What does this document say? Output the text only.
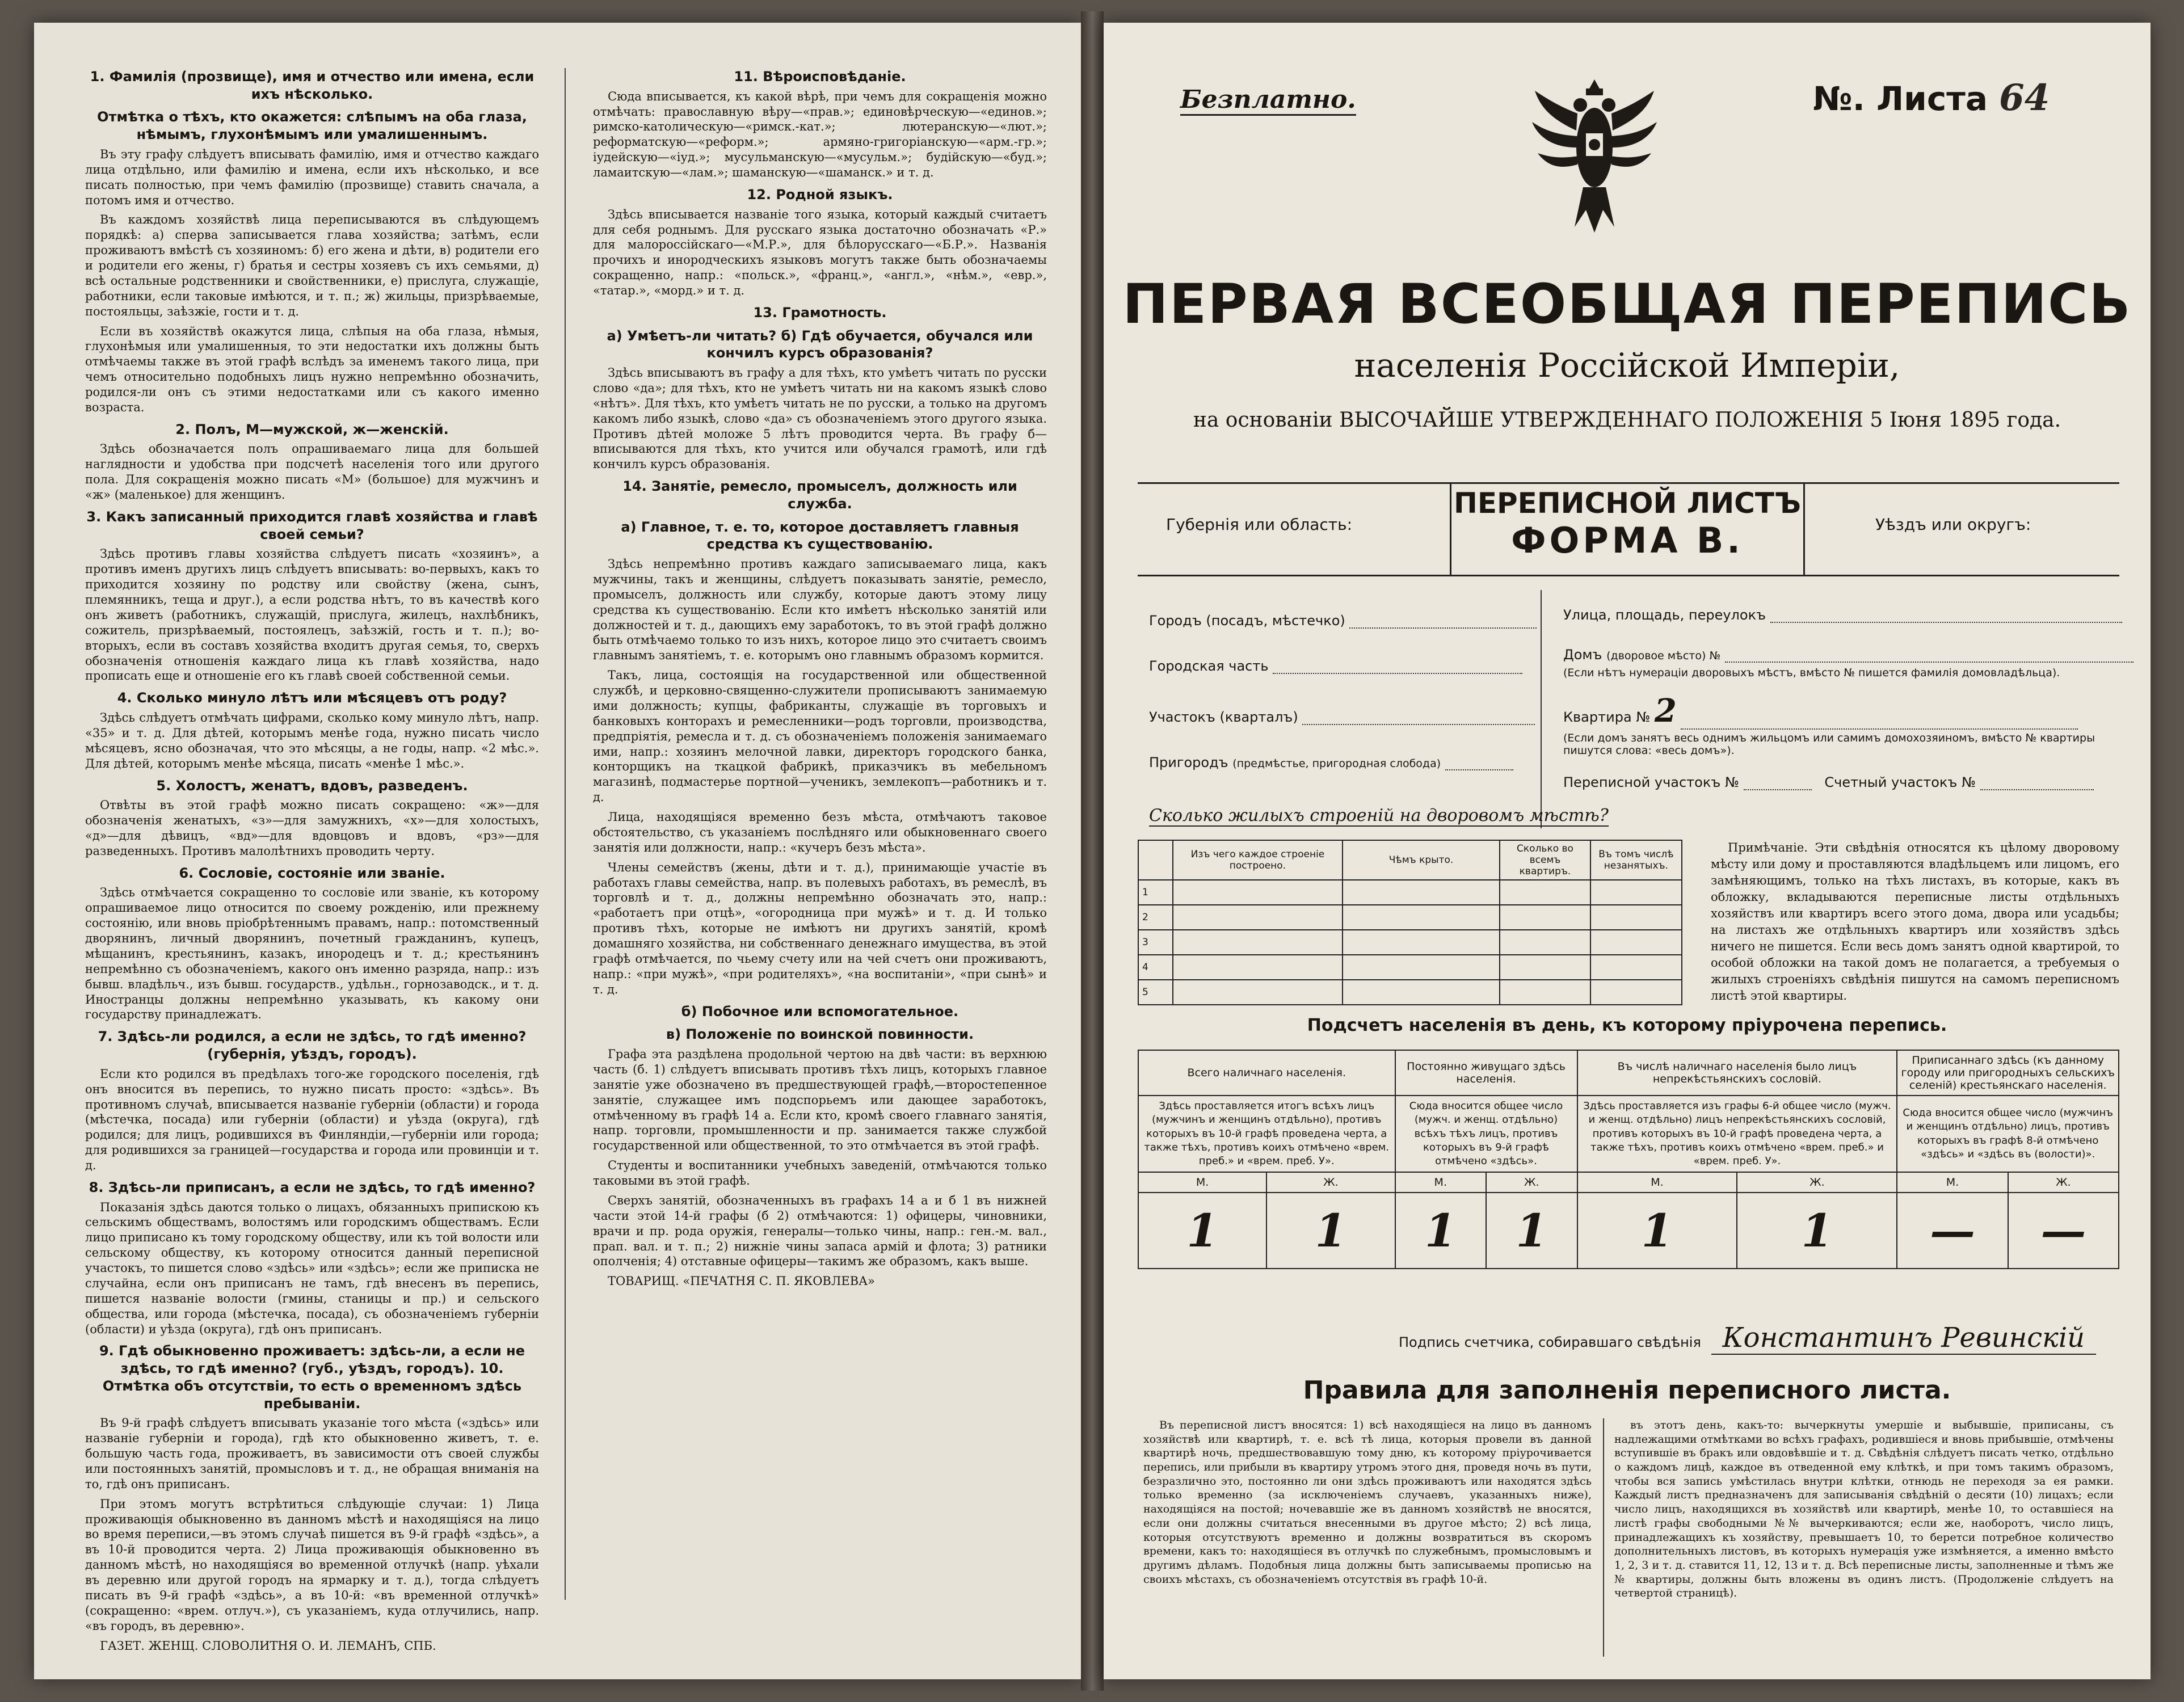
1. Фамилія (прозвище), имя и отчество или имена, если ихъ нѣсколько.
Отмѣтка о тѣхъ, кто окажется: слѣпымъ на оба глаза, нѣмымъ, глухонѣмымъ или умалишеннымъ.

Въ эту графу слѣдуетъ вписывать фамилію, имя и отчество каждаго лица отдѣльно, или фамилію и имена, если ихъ нѣсколько, и все писать полностью, при чемъ фамилію (прозвище) ставить сначала, а потомъ имя и отчество.

Въ каждомъ хозяйствѣ лица переписываются въ слѣдующемъ порядкѣ: а) сперва записывается глава хозяйства; затѣмъ, если проживаютъ вмѣстѣ съ хозяиномъ: б) его жена и дѣти, в) родители его и родители его жены, г) братья и сестры хозяевъ съ ихъ семьями, д) всѣ остальные родственники и свойственники, е) прислуга, служащіе, работники, если таковые имѣются, и т. п.; ж) жильцы, призрѣваемые, постояльцы, заѣзжіе, гости и т. д.

Если въ хозяйствѣ окажутся лица, слѣпыя на оба глаза, нѣмыя, глухонѣмыя или умалишенныя, то эти недостатки ихъ должны быть отмѣчаемы также въ этой графѣ вслѣдъ за именемъ такого лица, при чемъ относительно подобныхъ лицъ нужно непремѣнно обозначить, родился-ли онъ съ этими недостатками или съ какого именно возраста.

2. Полъ, М—мужской, ж—женскій.

Здѣсь обозначается полъ опрашиваемаго лица для большей наглядности и удобства при подсчетѣ населенія того или другого пола. Для сокращенія можно писать «М» (большое) для мужчинъ и «ж» (маленькое) для женщинъ.

3. Какъ записанный приходится главѣ хозяйства и главѣ своей семьи?

Здѣсь противъ главы хозяйства слѣдуетъ писать «хозяинъ», а противъ именъ другихъ лицъ слѣдуетъ вписывать: во-первыхъ, какъ то приходится хозяину по родству или свойству (жена, сынъ, племянникъ, теща и друг.), а если родства нѣтъ, то въ качествѣ кого онъ живетъ (работникъ, служащій, прислуга, жилецъ, нахлѣбникъ, сожитель, призрѣваемый, постоялецъ, заѣзжій, гость и т. п.); во-вторыхъ, если въ составъ хозяйства входитъ другая семья, то, сверхъ обозначенія отношенія каждаго лица къ главѣ хозяйства, надо прописать еще и отношеніе его къ главѣ своей собственной семьи.

4. Сколько минуло лѣтъ или мѣсяцевъ отъ роду?

Здѣсь слѣдуетъ отмѣчать цифрами, сколько кому минуло лѣтъ, напр. «35» и т. д. Для дѣтей, которымъ менѣе года, нужно писать число мѣсяцевъ, ясно обозначая, что это мѣсяцы, а не годы, напр. «2 мѣс.». Для дѣтей, которымъ менѣе мѣсяца, писать «менѣе 1 мѣс.».

5. Холостъ, женатъ, вдовъ, разведенъ.

Отвѣты въ этой графѣ можно писать сокращено: «ж»—для обозначенія женатыхъ, «з»—для замужнихъ, «х»—для холостыхъ, «д»—для дѣвицъ, «вд»—для вдовцовъ и вдовъ, «рз»—для разведенныхъ. Противъ малолѣтнихъ проводить черту.

6. Сословіе, состояніе или званіе.

Здѣсь отмѣчается сокращенно то сословіе или званіе, къ которому опрашиваемое лицо относится по своему рожденію, или прежнему состоянію, или вновь пріобрѣтеннымъ правамъ, напр.: потомственный дворянинъ, личный дворянинъ, почетный гражданинъ, купецъ, мѣщанинъ, крестьянинъ, казакъ, инородецъ и т. д.; крестьянинъ непремѣнно съ обозначеніемъ, какого онъ именно разряда, напр.: изъ бывш. владѣльч., изъ бывш. государств., удѣльн., горнозаводск., и т. д. Иностранцы должны непремѣнно указывать, къ какому они государству принадлежатъ.

7. Здѣсь-ли родился, а если не здѣсь, то гдѣ именно? (губернія, уѣздъ, городъ).

Если кто родился въ предѣлахъ того-же городского поселенія, гдѣ онъ вносится въ перепись, то нужно писать просто: «здѣсь». Въ противномъ случаѣ, вписывается названіе губерніи (области) и города (мѣстечка, посада) или губерніи (области) и уѣзда (округа), гдѣ родился; для лицъ, родившихся въ Финляндіи,—губерніи или города; для родившихся за границей—государства и города или провинціи и т. д.

8. Здѣсь-ли приписанъ, а если не здѣсь, то гдѣ именно?

Показанія здѣсь даются только о лицахъ, обязанныхъ припискою къ сельскимъ обществамъ, волостямъ или городскимъ обществамъ. Если лицо приписано къ тому городскому обществу, или къ той волости или сельскому обществу, къ которому относится данный переписной участокъ, то пишется слово «здѣсь» или «здѣсь»; если же приписка не случайна, если онъ приписанъ не тамъ, гдѣ внесенъ въ перепись, пишется названіе волости (гмины, станицы и пр.) и сельского общества, или города (мѣстечка, посада), съ обозначеніемъ губерніи (области) и уѣзда (округа), гдѣ онъ приписанъ.

9. Гдѣ обыкновенно проживаетъ: здѣсь-ли, а если не здѣсь, то гдѣ именно? (губ., уѣздъ, городъ). 10. Отмѣтка объ отсутствіи, то есть о временномъ здѣсь пребываніи.

Въ 9-й графѣ слѣдуетъ вписывать указаніе того мѣста («здѣсь» или названіе губерніи и города), гдѣ кто обыкновенно живетъ, т. е. большую часть года, проживаетъ, въ зависимости отъ своей службы или постоянныхъ занятій, промысловъ и т. д., не обращая вниманія на то, гдѣ онъ приписанъ.

При этомъ могутъ встрѣтиться слѣдующіе случаи: 1) Лица проживающія обыкновенно въ данномъ мѣстѣ и находящіяся на лицо во время переписи,—въ этомъ случаѣ пишется въ 9-й графѣ «здѣсь», а въ 10-й проводится черта. 2) Лица проживающія обыкновенно въ данномъ мѣстѣ, но находящіяся во временной отлучкѣ (напр. уѣхали въ деревню или другой городъ на ярмарку и т. д.), тогда слѣдуетъ писать въ 9-й графѣ «здѣсь», а въ 10-й: «въ временной отлучкѣ» (сокращенно: «врем. отлуч.»), съ указаніемъ, куда отлучились, напр. «въ городъ, въ деревню».

ГАЗЕТ. ЖЕНЩ. СЛОВОЛИТНЯ О. И. ЛЕМАНЪ, СПБ.

11. Вѣроисповѣданіе.

Сюда вписывается, къ какой вѣрѣ, при чемъ для сокращенія можно отмѣчать: православную вѣру—«прав.»; единовѣрческую—«единов.»; римско-католическую—«римск.-кат.»; лютеранскую—«лют.»; реформатскую—«реформ.»; армяно-григоріанскую—«арм.-гр.»; іудейскую—«іуд.»; мусульманскую—«мусульм.»; будійскую—«буд.»; ламаитскую—«лам.»; шаманскую—«шаманск.» и т. д.

12. Родной языкъ.

Здѣсь вписывается названіе того языка, который каждый считаетъ для себя роднымъ. Для русскаго языка достаточно обозначать «Р.» для малороссійскаго—«М.Р.», для бѣлорусскаго—«Б.Р.». Названія прочихъ и инородческихъ языковъ могутъ также быть обозначаемы сокращенно, напр.: «польск.», «франц.», «англ.», «нѣм.», «евр.», «татар.», «морд.» и т. д.

13. Грамотность.
а) Умѣетъ-ли читать? б) Гдѣ обучается, обучался или кончилъ курсъ образованія?

Здѣсь вписываютъ въ графу а для тѣхъ, кто умѣетъ читать по русски слово «да»; для тѣхъ, кто не умѣетъ читать ни на какомъ языкѣ слово «нѣтъ». Для тѣхъ, кто умѣетъ читать не по русски, а только на другомъ какомъ либо языкѣ, слово «да» съ обозначеніемъ этого другого языка. Противъ дѣтей моложе 5 лѣтъ проводится черта. Въ графу б—вписываются для тѣхъ, кто учится или обучался грамотѣ, или гдѣ кончилъ курсъ образованія.

14. Занятіе, ремесло, промыселъ, должность или служба.
а) Главное, т. е. то, которое доставляетъ главныя средства къ существованію.

Здѣсь непремѣнно противъ каждаго записываемаго лица, какъ мужчины, такъ и женщины, слѣдуетъ показывать занятіе, ремесло, промыселъ, должность или службу, которые даютъ этому лицу средства къ существованію. Если кто имѣетъ нѣсколько занятій или должностей и т. д., дающихъ ему заработокъ, то въ этой графѣ должно быть отмѣчаемо только то изъ нихъ, которое лицо это считаетъ своимъ главнымъ занятіемъ, т. е. которымъ оно главнымъ образомъ кормится.

Такъ, лица, состоящія на государственной или общественной службѣ, и церковно-священно-служители прописываютъ занимаемую ими должность; купцы, фабриканты, служащіе въ торговыхъ и банковыхъ конторахъ и ремесленники—родъ торговли, производства, предпріятія, ремесла и т. д. съ обозначеніемъ положенія занимаемаго ими, напр.: хозяинъ мелочной лавки, директоръ городского банка, конторщикъ на ткацкой фабрикѣ, приказчикъ въ мебельномъ магазинѣ, подмастерье портной—ученикъ, землекопъ—работникъ и т. д.

Лица, находящіяся временно безъ мѣста, отмѣчаютъ таковое обстоятельство, съ указаніемъ послѣдняго или обыкновеннаго своего занятія или должности, напр.: «кучеръ безъ мѣста».

Члены семействъ (жены, дѣти и т. д.), принимающіе участіе въ работахъ главы семейства, напр. въ полевыхъ работахъ, въ ремеслѣ, въ торговлѣ и т. д., должны непремѣнно обозначать это, напр.: «работаетъ при отцѣ», «огородница при мужѣ» и т. д. И только противъ тѣхъ, которые не имѣютъ ни другихъ занятій, кромѣ домашняго хозяйства, ни собственнаго денежнаго имущества, въ этой графѣ отмѣчается, по чьему счету или на чей счетъ они проживаютъ, напр.: «при мужѣ», «при родителяхъ», «на воспитаніи», «при сынѣ» и т. д.

б) Побочное или вспомогательное.
в) Положеніе по воинской повинности.

Графа эта раздѣлена продольной чертою на двѣ части: въ верхнюю часть (б. 1) слѣдуетъ вписывать противъ тѣхъ лицъ, которыхъ главное занятіе уже обозначено въ предшествующей графѣ,—второстепенное занятіе, служащее имъ подспорьемъ или дающее заработокъ, отмѣченному въ графѣ 14 а. Если кто, кромѣ своего главнаго занятія, напр. торговли, промышленности и пр. занимается также службой государственной или общественной, то это отмѣчается въ этой графѣ.

Студенты и воспитанники учебныхъ заведеній, отмѣчаются только таковыми въ этой графѣ.

Сверхъ занятій, обозначенныхъ въ графахъ 14 а и б 1 въ нижней части этой 14-й графы (б 2) отмѣчаются: 1) офицеры, чиновники, врачи и пр. рода оружія, генералы—только чины, напр.: ген.-м. вал., прап. вал. и т. п.; 2) нижніе чины запаса армій и флота; 3) ратники ополченія; 4) отставные офицеры—такимъ же образомъ, какъ выше.

ТОВАРИЩ. «ПЕЧАТНЯ С. П. ЯКОВЛЕВА»

Безплатно.	№. Листа 64
ПЕРВАЯ ВСЕОБЩАЯ ПЕРЕПИСЬ
населенія Россійской Имперіи,
на основаніи ВЫСОЧАЙШЕ УТВЕРЖДЕННАГО ПОЛОЖЕНІЯ 5 Іюня 1895 года.
Губернія или область:
ПЕРЕПИСНОЙ ЛИСТЪ
ФОРМА В.	Уѣздъ или округъ:
Городъ (посадъ, мѣстечко)
Городская часть
Участокъ (кварталъ)
Пригородъ (предмѣстье, пригородная слобода)
Улица, площадь, переулокъ
Домъ (дворовое мѣсто) №
(Если нѣтъ нумераціи дворовыхъ мѣстъ, вмѣсто № пишется фамилія домовладѣльца).
Квартира № 2
(Если домъ занятъ весь однимъ жильцомъ или самимъ домохозяиномъ, вмѣсто № квартиры пишутся слова: «весь домъ»).
Переписной участокъ №	Счетный участокъ №
Сколько жилыхъ строеній на дворовомъ мѣстѣ?
	Изъ чего каждое строеніе построено.	Чѣмъ крыто.	Сколько во всемъ квартиръ.	Въ томъ числѣ незанятыхъ.
1				
2				
3				
4				
5				

Примѣчаніе. Эти свѣдѣнія относятся къ цѣлому дворовому мѣсту или дому и проставляются владѣльцемъ или лицомъ, его замѣняющимъ, только на тѣхъ листахъ, въ которые, какъ въ обложку, вкладываются переписные листы отдѣльныхъ хозяйствъ или квартиръ всего этого дома, двора или усадьбы; на листахъ же отдѣльныхъ квартиръ или хозяйствъ здѣсь ничего не пишется. Если весь домъ занятъ одной квартирой, то особой обложки на такой домъ не полагается, а требуемыя о жилыхъ строеніяхъ свѣдѣнія пишутся на самомъ переписномъ листѣ этой квартиры.

Подсчетъ населенія въ день, къ которому пріурочена перепись.
Всего наличнаго населенія.		Постоянно живущаго здѣсь населенія.		Въ числѣ наличнаго населенія было лицъ непрекѣстьянскихъ сословій.		Приписаннаго здѣсь (къ данному городу или пригородныхъ сельскихъ селеній) крестьянскаго населенія.	
Здѣсь проставляется итогъ всѣхъ лицъ (мужчинъ и женщинъ отдѣльно), противъ которыхъ въ 10-й графѣ проведена черта, а также тѣхъ, противъ коихъ отмѣчено «врем. преб.» и «врем. преб. У».		Сюда вносится общее число (мужч. и женщ. отдѣльно) всѣхъ тѣхъ лицъ, противъ которыхъ въ 9-й графѣ отмѣчено «здѣсь».		Здѣсь проставляется изъ графы 6-й общее число (мужч. и женщ. отдѣльно) лицъ непрекѣстьянскихъ сословій, противъ которыхъ въ 10-й графѣ проведена черта, а также тѣхъ, противъ коихъ отмѣчено «врем. преб.» и «врем. преб. У».		Сюда вносится общее число (мужчинъ и женщинъ отдѣльно) лицъ, противъ которыхъ въ графѣ 8-й отмѣчено «здѣсь» и «здѣсь въ (волости)».	
М.	Ж.	М.	Ж.	М.	Ж.	М.	Ж.
1	1	1	1	1	1	—	—
Подпись счетчика, собиравшаго свѣдѣнія Константинъ Ревинскій
Правила для заполненія переписного листа.

Въ переписной листъ вносятся: 1) всѣ находящіеся на лицо въ данномъ хозяйствѣ или квартирѣ, т. е. всѣ тѣ лица, которыя провели въ данной квартирѣ ночь, предшествовавшую тому дню, къ которому пріурочивается перепись, или прибыли въ квартиру утромъ этого дня, проведя ночь въ пути, безразлично это, постоянно ли они здѣсь проживаютъ или находятся здѣсь только временно (за исключеніемъ случаевъ, указанныхъ ниже), находящіяся на постой; ночевавшіе же въ данномъ хозяйствѣ не вносятся, если они должны считаться внесенными въ другое мѣсто; 2) всѣ лица, которыя отсутствуютъ временно и должны возвратиться въ скоромъ времени, какъ то: находящіеся въ отлучкѣ по служебнымъ, промысловымъ и другимъ дѣламъ. Подобныя лица должны быть записываемы прописью на своихъ мѣстахъ, съ обозначеніемъ отсутствія въ графѣ 10-й.

въ этотъ день, какъ-то: вычеркнуты умершіе и выбывшіе, приписаны, съ надлежащими отмѣтками во всѣхъ графахъ, родившіеся и вновь прибывшіе, отмѣчены вступившіе въ бракъ или овдовѣвшіе и т. д. Свѣдѣнія слѣдуетъ писать четко, отдѣльно о каждомъ лицѣ, каждое въ отведенной ему клѣткѣ, и при томъ такимъ образомъ, чтобы вся запись умѣстилась внутри клѣтки, отнюдь не переходя за ея рамки. Каждый листъ предназначенъ для записыванія свѣдѣній о десяти (10) лицахъ; если число лицъ, находящихся въ хозяйствѣ или квартирѣ, менѣе 10, то оставшіеся на листѣ графы свободными №№ вычеркиваются; если же, наоборотъ, число лицъ, принадлежащихъ къ хозяйству, превышаетъ 10, то беретси потребное количество дополнительныхъ листовъ, въ которыхъ нумерація ужe измѣняется, а именно вмѣсто 1, 2, 3 и т. д. ставится 11, 12, 13 и т. д. Всѣ переписные листы, заполненные и тѣмъ же № квартиры, должны быть вложены въ одинъ листъ. (Продолженіе слѣдуетъ на четвертой страницѣ).
